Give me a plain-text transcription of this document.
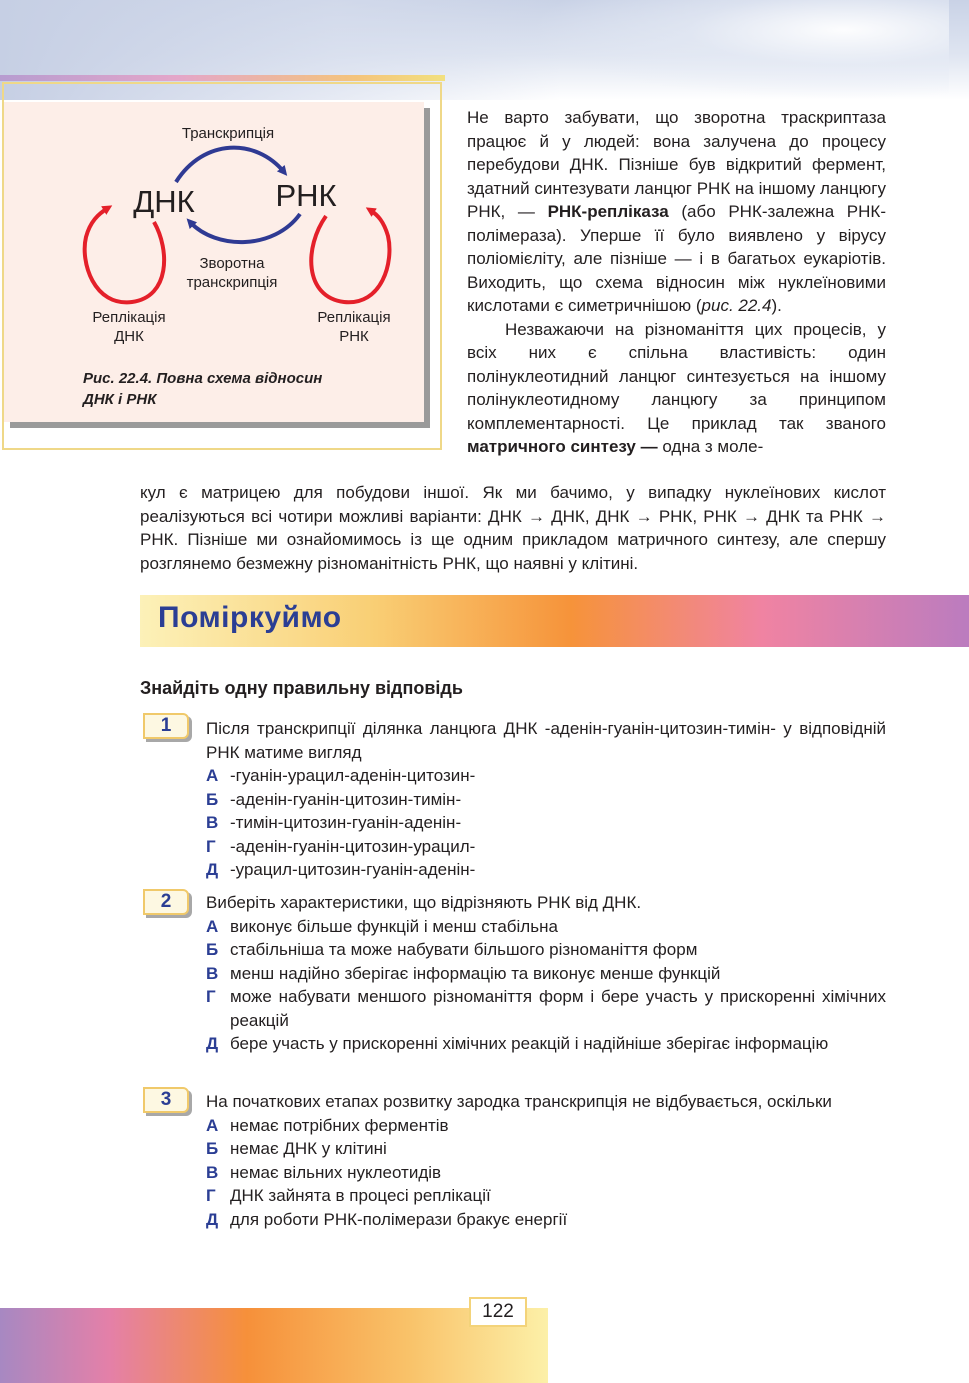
Транскрипція
ДНК	РНК
Зворотна
транскрипція
Реплікація
ДНК
Реплікація
РНК
Рис. 22.4. Повна схема відносин
ДНК і РНК

Не варто забувати, що зворотна траскриптаза працює й у людей: вона залучена до процесу перебудови ДНК. Пізніше був відкритий фермент, здатний синтезувати ланцюг РНК на іншому ланцюгу РНК, — РНК-репліказа (або РНК-залежна РНК-полімераза). Уперше її було виявлено у вірусу поліомієліту, але пізніше — і в багатьох еукаріотів. Виходить, що схема відносин між нуклеїновими кислотами є симетричнішою (рис. 22.4).

Незважаючи на різноманіття цих процесів, у всіх них є спільна властивість: один полінуклеотидний ланцюг синтезується на іншому полінуклеотидному ланцюгу за принципом комплементарності. Це приклад так званого матричного синтезу — одна з моле-

кул є матрицею для побудови іншої. Як ми бачимо, у випадку нуклеїнових кислот реалізуються всі чотири можливі варіанти: ДНК → ДНК, ДНК → РНК, РНК → ДНК та РНК → РНК. Пізніше ми ознайомимось із ще одним прикладом матричного синтезу, але спершу розглянемо безмежну різноманітність РНК, що наявні у клітині.

Поміркуймо
Знайдіть одну правильну відповідь
1	Після транскрипції ділянка ланцюга ДНК -аденін-гуанін-цитозин-тимін- у відповідній РНК матиме вигляд

А -гуанін-урацил-аденін-цитозин-
Б -аденін-гуанін-цитозин-тимін-
В -тимін-цитозин-гуанін-аденін-
Г -аденін-гуанін-цитозин-урацил-
Д -урацил-цитозин-гуанін-аденін-
2	Виберіть характеристики, що відрізняють РНК від ДНК.

А виконує більше функцій і менш стабільна
Б стабільніша та може набувати більшого різноманіття форм
В менш надійно зберігає інформацію та виконує менше функцій
Г може набувати меншого різноманіття форм і бере участь у прискоренні хімічних реакцій
Д бере участь у прискоренні хімічних реакцій і надійніше зберігає інформацію
3	На початкових етапах розвитку зародка транскрипція не відбувається, оскільки

А немає потрібних ферментів
Б немає ДНК у клітині
В немає вільних нуклеотидів
Г ДНК зайнята в процесі реплікації
Д для роботи РНК-полімерази бракує енергії
122
